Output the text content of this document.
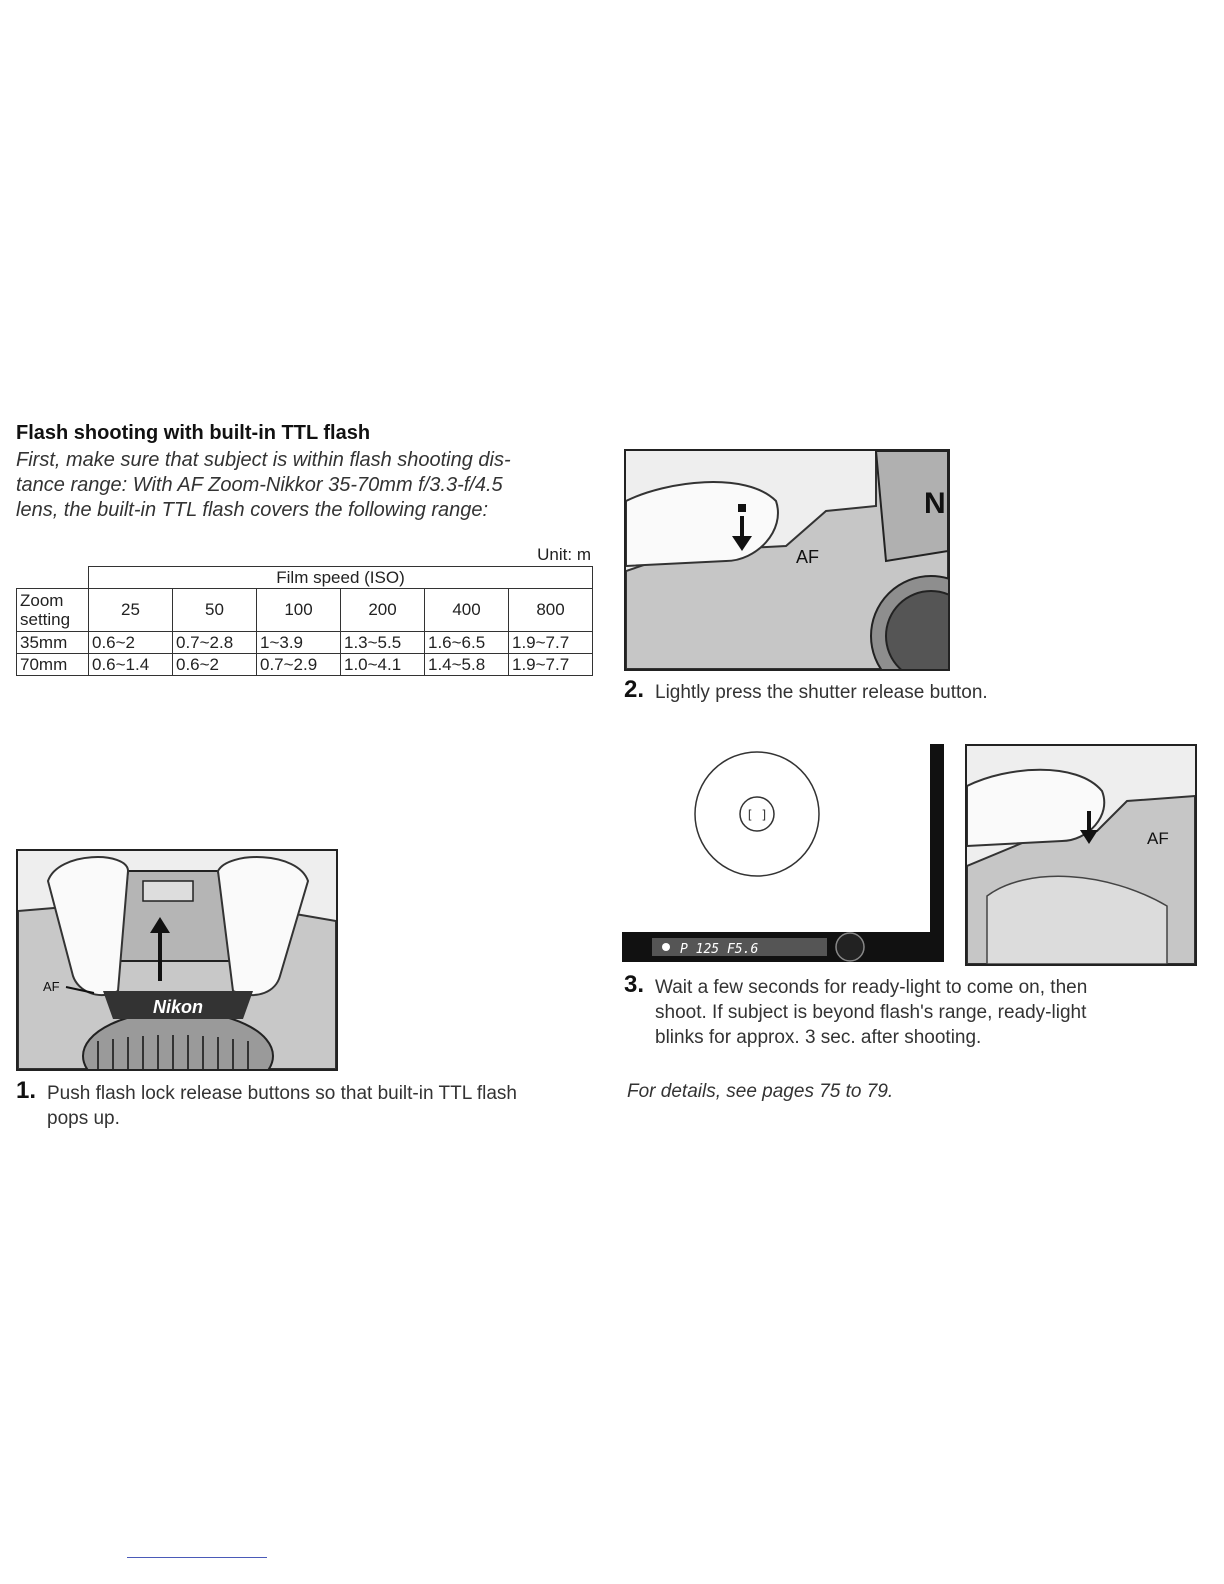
Flash shooting with built-in TTL flash
First, make sure that subject is within flash shooting dis-
tance range: With AF Zoom-Nikkor 35-70mm f/3.3-f/4.5
lens, the built-in TTL flash covers the following range:
Unit: m
	Film speed (ISO)					

Zoom
setting	25	50	100	200	400	800
35mm	0.6~2	0.7~2.8	1~3.9	1.3~5.5	1.6~6.5	1.9~7.7
70mm	0.6~1.4	0.6~2	0.7~2.9	1.0~4.1	1.4~5.8	1.9~7.7
Nikon
AF
N
AF
[ ]
P 125 F5.6
AF
1. Push flash lock release buttons so that built-in TTL flash
pops up.
2. Lightly press the shutter release button.
3. Wait a few seconds for ready-light to come on, then
shoot. If subject is beyond flash's range, ready-light
blinks for approx. 3 sec. after shooting.
For details, see pages 75 to 79.
